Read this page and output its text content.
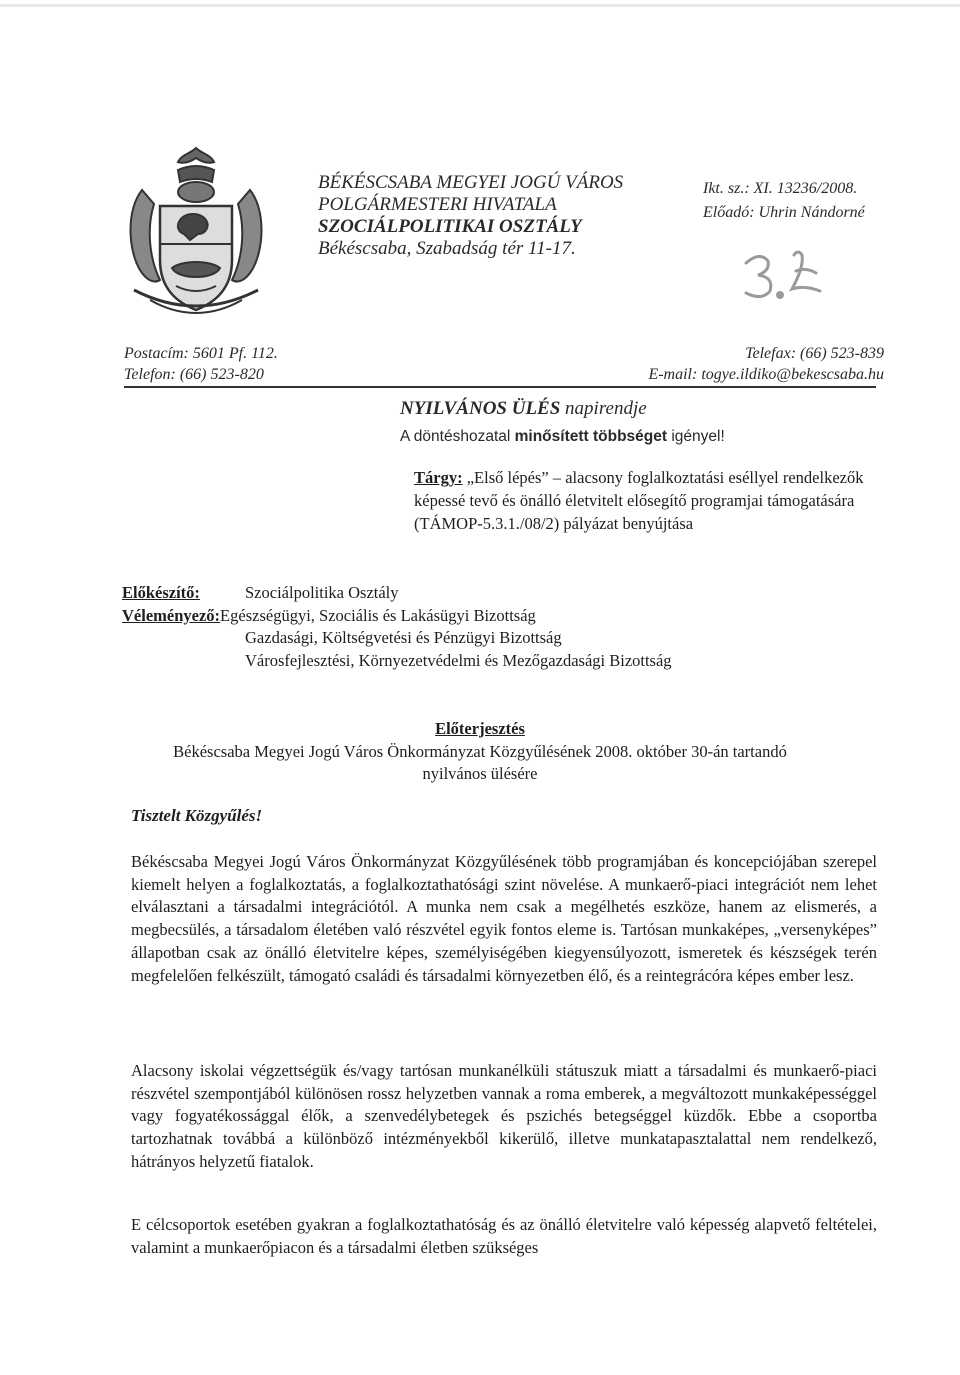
BÉKÉSCSABA MEGYEI JOGÚ VÁROS
POLGÁRMESTERI HIVATALA
SZOCIÁLPOLITIKAI OSZTÁLY
Békéscsaba, Szabadság tér 11-17.
Ikt. sz.: XI. 13236/2008.
Előadó: Uhrin Nándorné
Postacím: 5601 Pf. 112.
Telefon: (66) 523-820
Telefax: (66) 523-839
E-mail: togye.ildiko@bekescsaba.hu
NYILVÁNOS ÜLÉS napirendje
A döntéshozatal minősített többséget igényel!
Tárgy: „Első lépés” – alacsony foglalkoztatási eséllyel rendelkezők képessé tevő és önálló életvitelt elősegítő programjai támogatására (TÁMOP-5.3.1./08/2) pályázat benyújtása
Előkészítő:	Szociálpolitika Osztály
Véleményező:Egészségügyi, Szociális és Lakásügyi Bizottság
Gazdasági, Költségvetési és Pénzügyi Bizottság
Városfejlesztési, Környezetvédelmi és Mezőgazdasági Bizottság
Előterjesztés
Békéscsaba Megyei Jogú Város Önkormányzat Közgyűlésének 2008. október 30-án tartandó
nyilvános ülésére
Tisztelt Közgyűlés!
Békéscsaba Megyei Jogú Város Önkormányzat Közgyűlésének több programjában és koncepciójában szerepel kiemelt helyen a foglalkoztatás, a foglalkoztathatósági szint növelése. A munkaerő-piaci integrációt nem lehet elválasztani a társadalmi integrációtól. A munka nem csak a megélhetés eszköze, hanem az elismerés, a megbecsülés, a társadalom életében való részvétel egyik fontos eleme is. Tartósan munkaképes, „versenyképes” állapotban csak az önálló életvitelre képes, személyiségében kiegyensúlyozott, ismeretek és készségek terén megfelelően felkészült, támogató családi és társadalmi környezetben élő, és a reintegrácóra képes ember lesz.
Alacsony iskolai végzettségük és/vagy tartósan munkanélküli státuszuk miatt a társadalmi és munkaerő-piaci részvétel szempontjából különösen rossz helyzetben vannak a roma emberek, a megváltozott munkaképességgel vagy fogyatékossággal élők, a szenvedélybetegek és pszichés betegséggel küzdők. Ebbe a csoportba tartozhatnak továbbá a különböző intézményekből kikerülő, illetve munkatapasztalattal nem rendelkező, hátrányos helyzetű fiatalok.
E célcsoportok esetében gyakran a foglalkoztathatóság és az önálló életvitelre való képesség alapvető feltételei, valamint a munkaerőpiacon és a társadalmi életben szükséges
